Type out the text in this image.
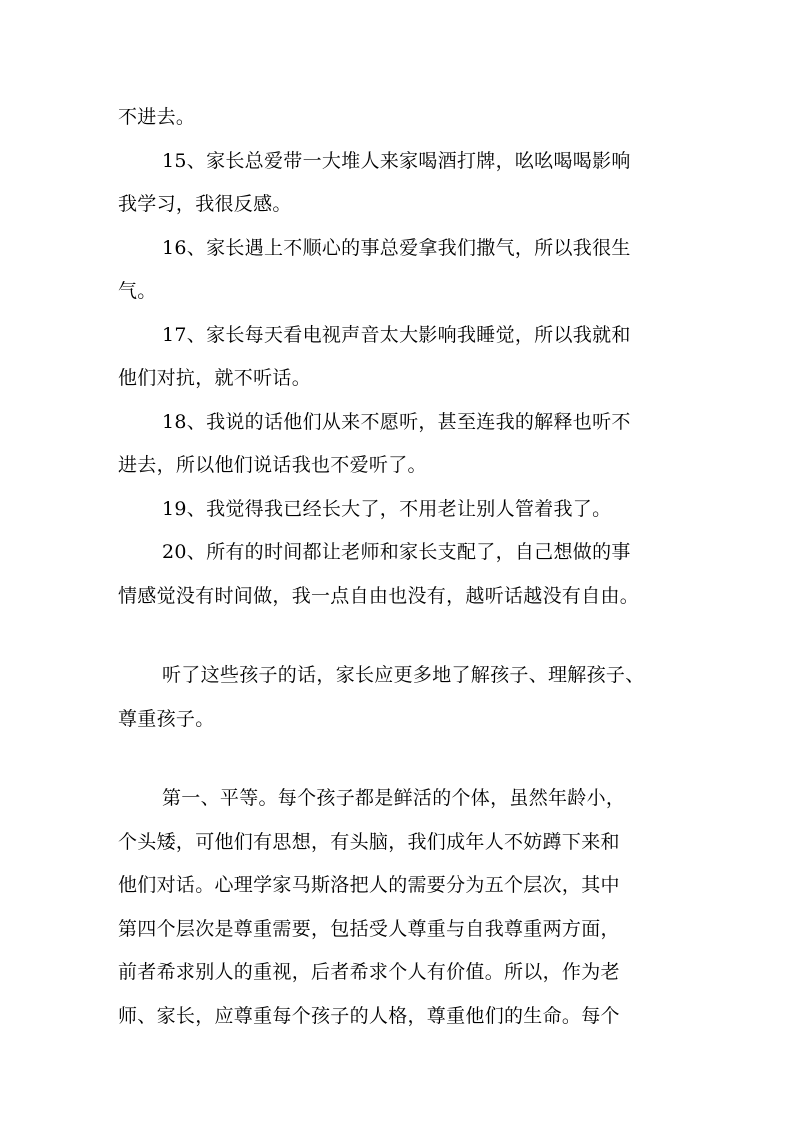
不进去。
15、家长总爱带一大堆人来家喝酒打牌，吆吆喝喝影响
我学习，我很反感。
16、家长遇上不顺心的事总爱拿我们撒气，所以我很生
气。
17、家长每天看电视声音太大影响我睡觉，所以我就和
他们对抗，就不听话。
18、我说的话他们从来不愿听，甚至连我的解释也听不
进去，所以他们说话我也不爱听了。
19、我觉得我已经长大了，不用老让别人管着我了。
20、所有的时间都让老师和家长支配了，自己想做的事
情感觉没有时间做，我一点自由也没有，越听话越没有自由。
听了这些孩子的话，家长应更多地了解孩子、理解孩子、
尊重孩子。
第一、平等。每个孩子都是鲜活的个体，虽然年龄小，
个头矮，可他们有思想，有头脑，我们成年人不妨蹲下来和
他们对话。心理学家马斯洛把人的需要分为五个层次，其中
第四个层次是尊重需要，包括受人尊重与自我尊重两方面，
前者希求别人的重视，后者希求个人有价值。所以，作为老
师、家长，应尊重每个孩子的人格，尊重他们的生命。每个
